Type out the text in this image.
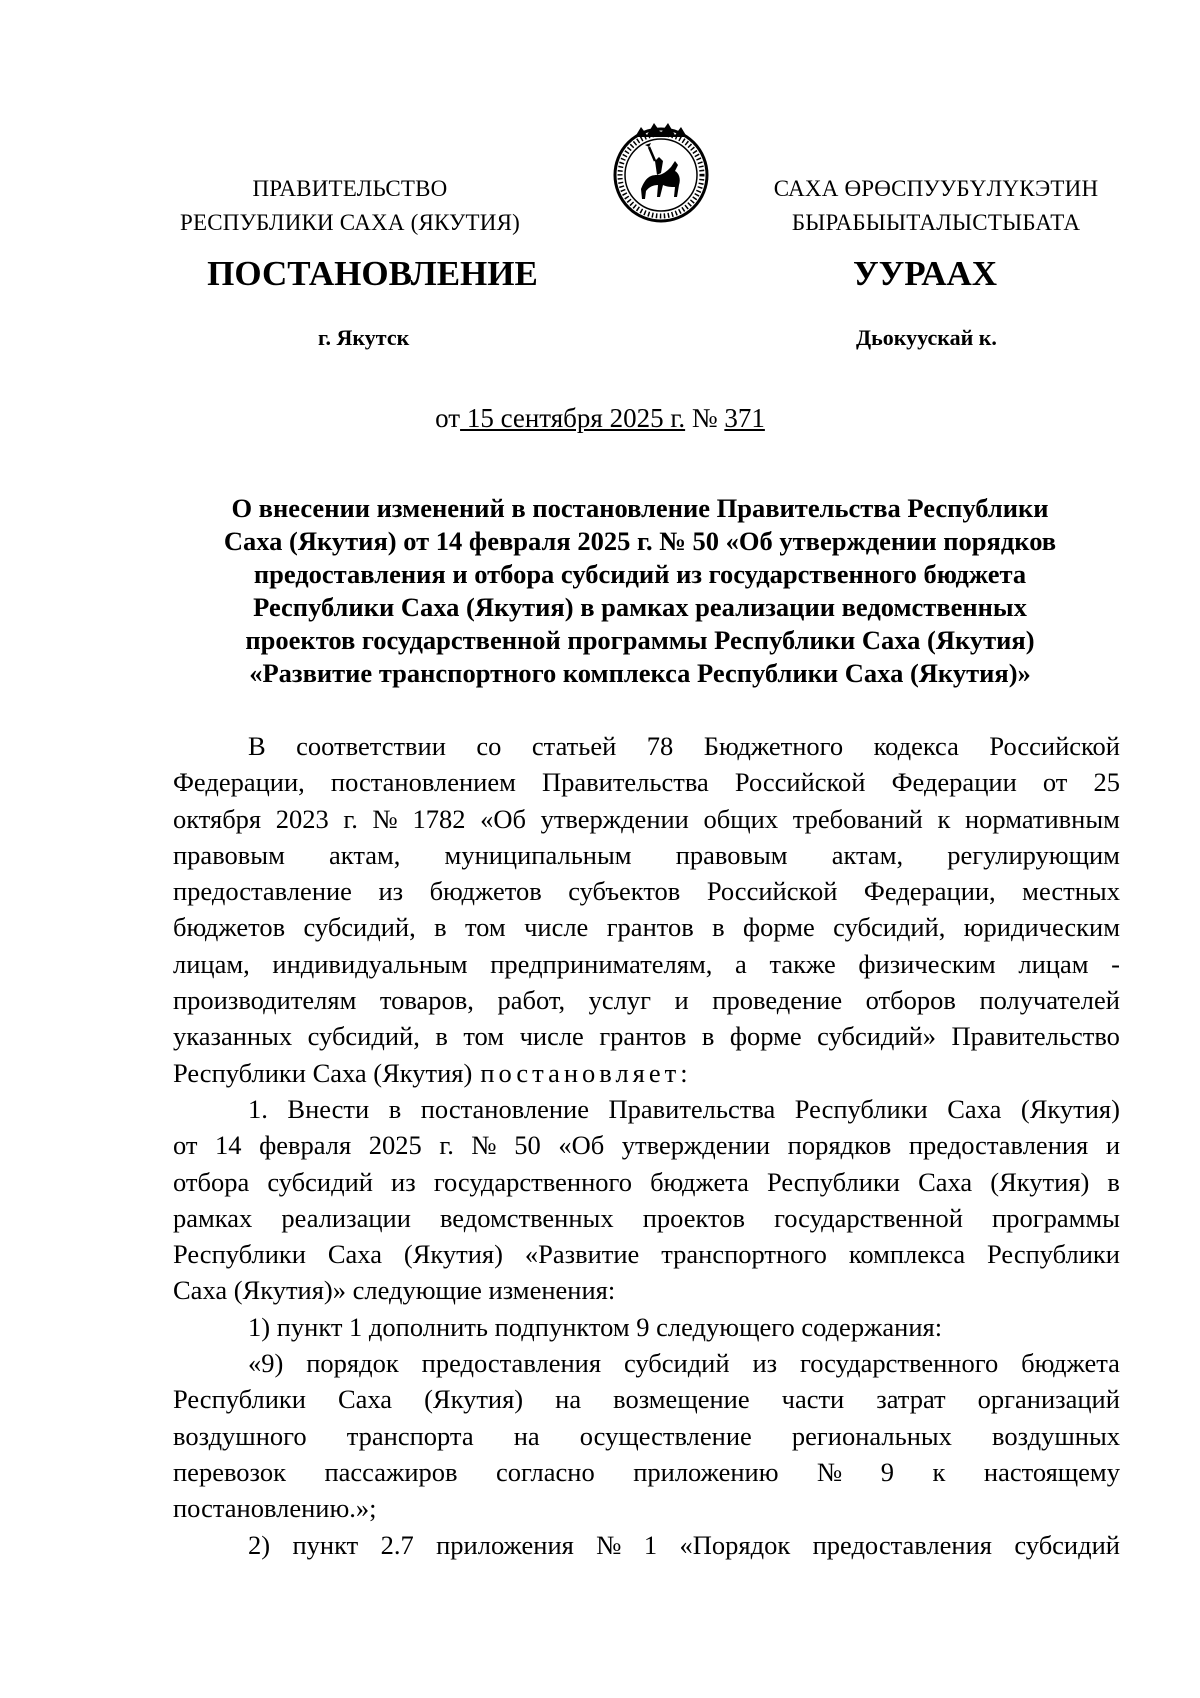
ПРАВИТЕЛЬСТВО
РЕСПУБЛИКИ САХА (ЯКУТИЯ)
САХА ӨРӨСПУУБҮЛҮКЭТИН
БЫРАБЫЫТАЛЫСТЫБАТА
ПОСТАНОВЛЕНИЕ	УУРААХ
г. Якутск	Дьокуускай к.
от 15 сентября 2025 г. № 371
О внесении изменений в постановление Правительства Республики
Саха (Якутия) от 14 февраля 2025 г. № 50 «Об утверждении порядков
предоставления и отбора субсидий из государственного бюджета
Республики Саха (Якутия) в рамках реализации ведомственных
проектов государственной программы Республики Саха (Якутия)
«Развитие транспортного комплекса Республики Саха (Якутия)»
В соответствии со статьей 78 Бюджетного кодекса Российской
Федерации, постановлением Правительства Российской Федерации от 25
октября 2023 г. № 1782 «Об утверждении общих требований к нормативным
правовым актам, муниципальным правовым актам, регулирующим
предоставление из бюджетов субъектов Российской Федерации, местных
бюджетов субсидий, в том числе грантов в форме субсидий, юридическим
лицам, индивидуальным предпринимателям, а также физическим лицам -
производителям товаров, работ, услуг и проведение отборов получателей
указанных субсидий, в том числе грантов в форме субсидий» Правительство
Республики Саха (Якутия) постановляет:
1. Внести в постановление Правительства Республики Саха (Якутия)
от 14 февраля 2025 г. № 50 «Об утверждении порядков предоставления и
отбора субсидий из государственного бюджета Республики Саха (Якутия) в
рамках реализации ведомственных проектов государственной программы
Республики Саха (Якутия) «Развитие транспортного комплекса Республики
Саха (Якутия)» следующие изменения:
1) пункт 1 дополнить подпунктом 9 следующего содержания:
«9) порядок предоставления субсидий из государственного бюджета
Республики Саха (Якутия) на возмещение части затрат организаций
воздушного транспорта на осуществление региональных воздушных
перевозок пассажиров согласно приложению № 9 к настоящему
постановлению.»;
2) пункт 2.7 приложения № 1 «Порядок предоставления субсидий
